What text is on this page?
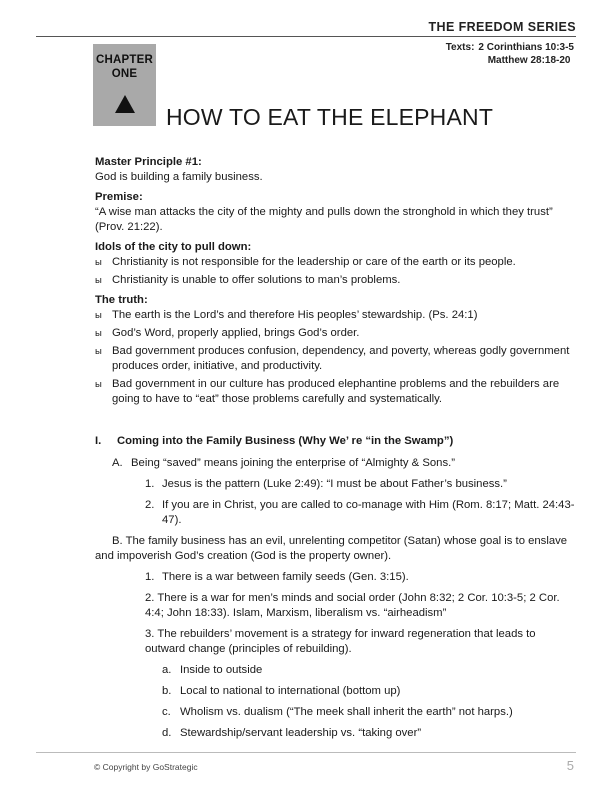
THE FREEDOM SERIES
Texts: 2 Corinthians 10:3-5
Matthew 28:18-20
CHAPTER
ONE
HOW TO EAT THE ELEPHANT
Master Principle #1:
God is building a family business.
Premise:
“A wise man attacks the city of the mighty and pulls down the stronghold in which they trust” (Prov. 21:22).
Idols of the city to pull down:
ы Christianity is not responsible for the leadership or care of the earth or its people.
ы Christianity is unable to offer solutions to man’s problems.
The truth:
ы The earth is the Lord’s and therefore His peoples’ stewardship. (Ps. 24:1)
ы God’s Word, properly applied, brings God’s order.
ы Bad government produces confusion, dependency, and poverty, whereas godly government produces order, initiative, and productivity.
ы Bad government in our culture has produced elephantine problems and the rebuilders are going to have to “eat” those problems carefully and systematically.
I. Coming into the Family Business (Why We’ re “in the Swamp”)
A. Being “saved” means joining the enterprise of “Almighty & Sons.”
1. Jesus is the pattern (Luke 2:49): “I must be about Father’s business.”
2. If you are in Christ, you are called to co-manage with Him (Rom. 8:17; Matt. 24:43-47).
B. The family business has an evil, unrelenting competitor (Satan) whose goal is to enslave and impoverish God’s creation (God is the property owner).
1. There is a war between family seeds (Gen. 3:15).
2. There is a war for men’s minds and social order (John 8:32; 2 Cor. 10:3-5; 2 Cor. 4:4; John 18:33). Islam, Marxism, liberalism vs. “airheadism”
3. The rebuilders’ movement is a strategy for inward regeneration that leads to outward change (principles of rebuilding).
a. Inside to outside
b. Local to national to international (bottom up)
c. Wholism vs. dualism (“The meek shall inherit the earth” not harps.)
d. Stewardship/servant leadership vs. “taking over”
© Copyright by GoStrategic	5
